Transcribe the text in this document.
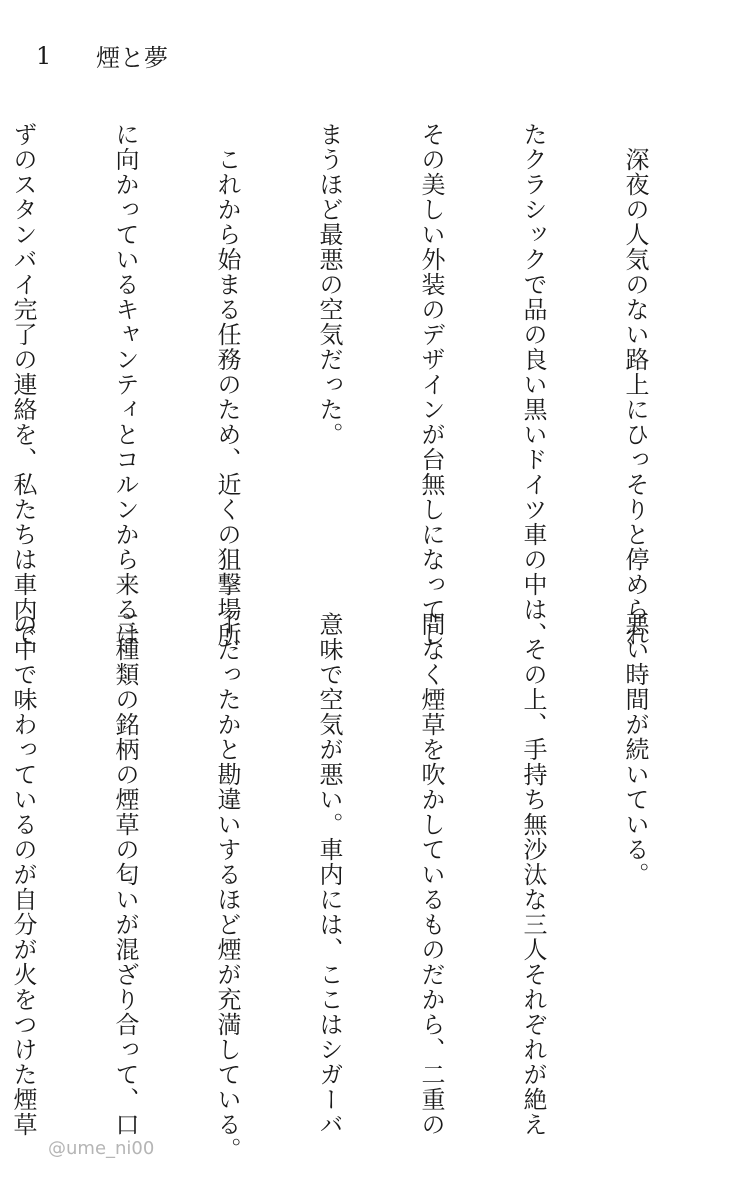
1	煙と夢

　深夜の人気のない路上にひっそりと停められ

たクラシックで品の良い黒いドイツ車の中は、

その美しい外装のデザインが台無しになってし

まうほど最悪の空気だった。

　これから始まる任務のため、近くの狙撃場所

に向かっているキャンティとコルンから来るは

ずのスタンバイ完了の連絡を、私たちは車内で

悪い時間が続いている。

　その上、手持ち無沙汰な三人それぞれが絶え

間なく煙草を吹かしているものだから、二重の

意味で空気が悪い。車内には、ここはシガーバ

ーだったかと勘違いするほど煙が充満している。

三種類の銘柄の煙草の匂いが混ざり合って、口

の中で味わっているのが自分が火をつけた煙草

@ume_ni00
